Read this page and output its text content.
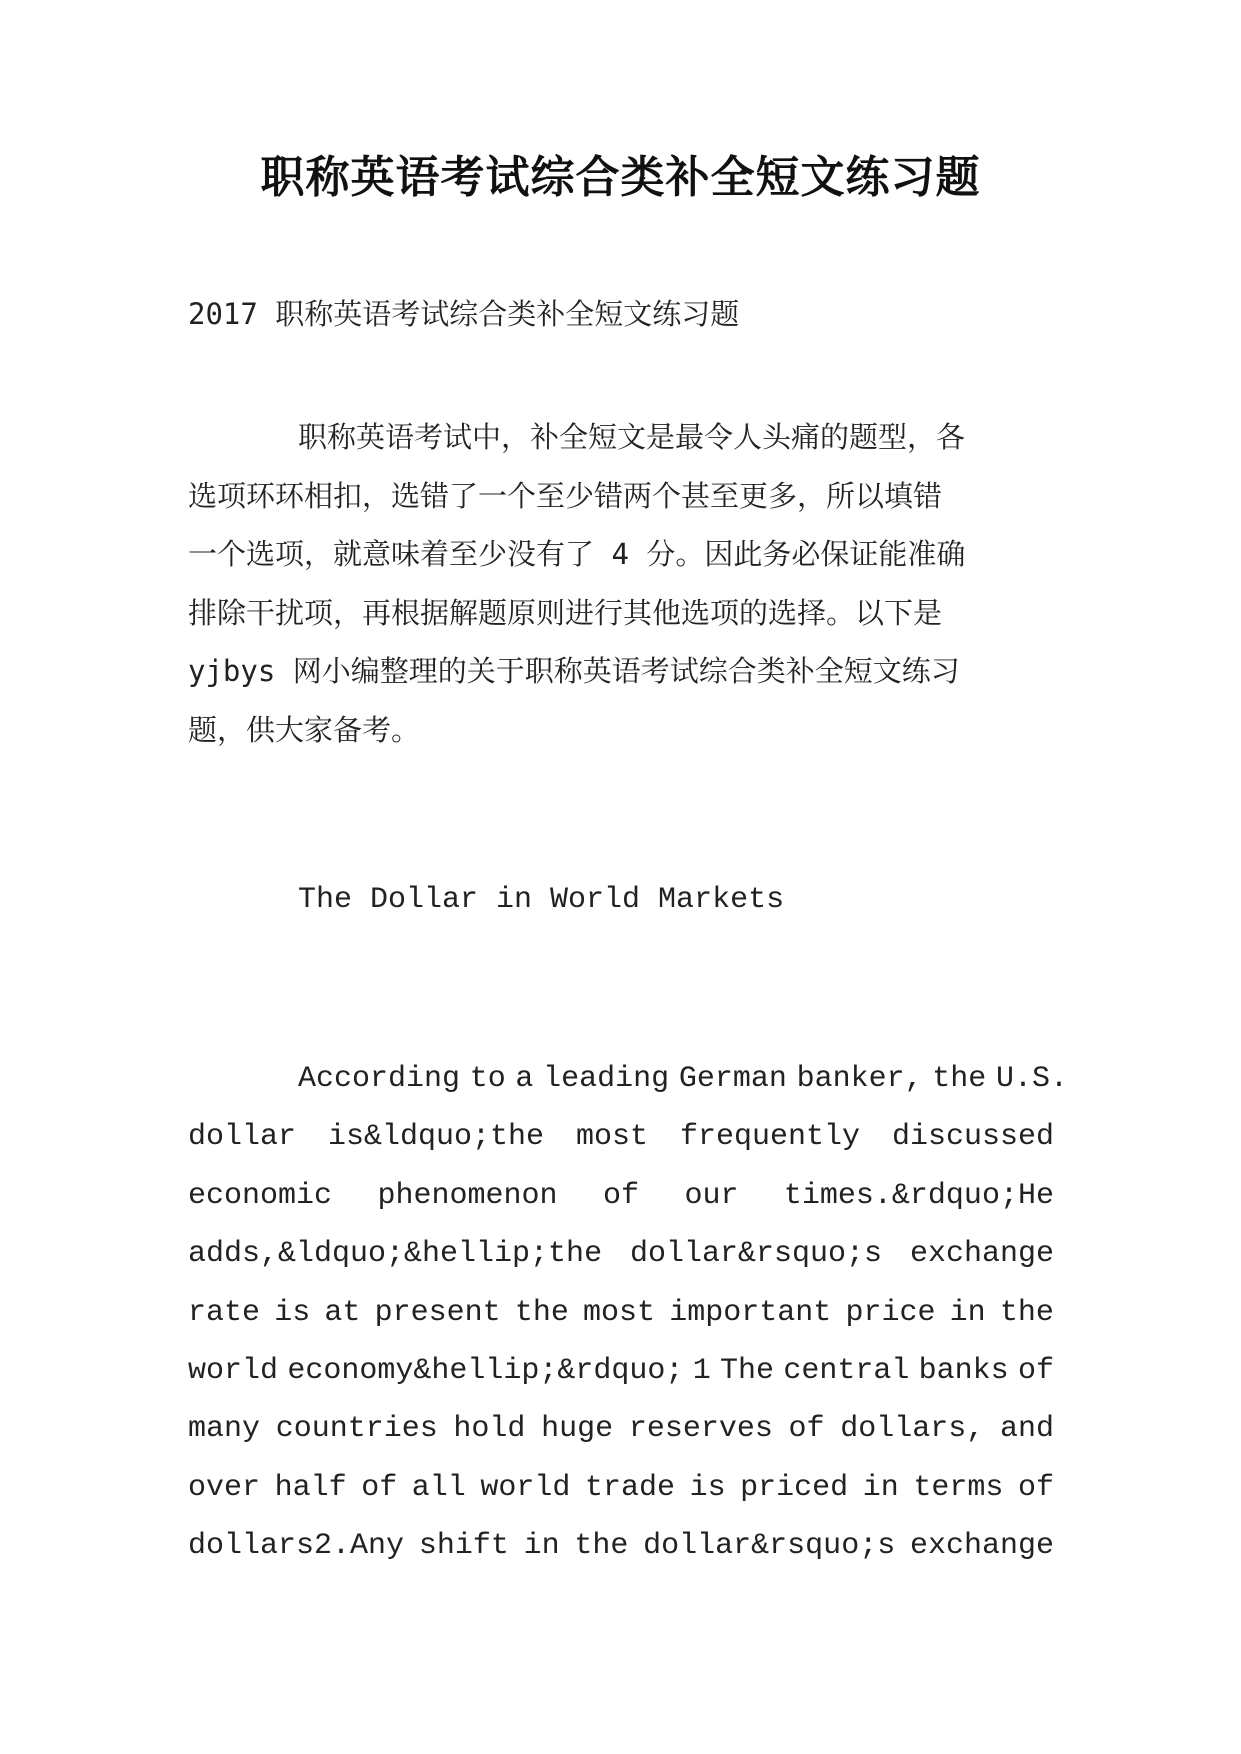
职称英语考试综合类补全短文练习题
2017 职称英语考试综合类补全短文练习题
职称英语考试中，补全短文是最令人头痛的题型，各
选项环环相扣，选错了一个至少错两个甚至更多，所以填错
一个选项，就意味着至少没有了 4 分。因此务必保证能准确
排除干扰项，再根据解题原则进行其他选项的选择。以下是
yjbys 网小编整理的关于职称英语考试综合类补全短文练习
题，供大家备考。
The Dollar in World Markets
According to a leading German banker, the U.S.
dollar is&ldquo;the most frequently discussed
economic phenomenon of our times.&rdquo;He
adds,&ldquo;&hellip;the dollar&rsquo;s exchange
rate is at present the most important price in the
world economy&hellip;&rdquo; 1 The central banks of
many countries hold huge reserves of dollars, and
over half of all world trade is priced in terms of
dollars2.Any shift in the dollar&rsquo;s exchange
